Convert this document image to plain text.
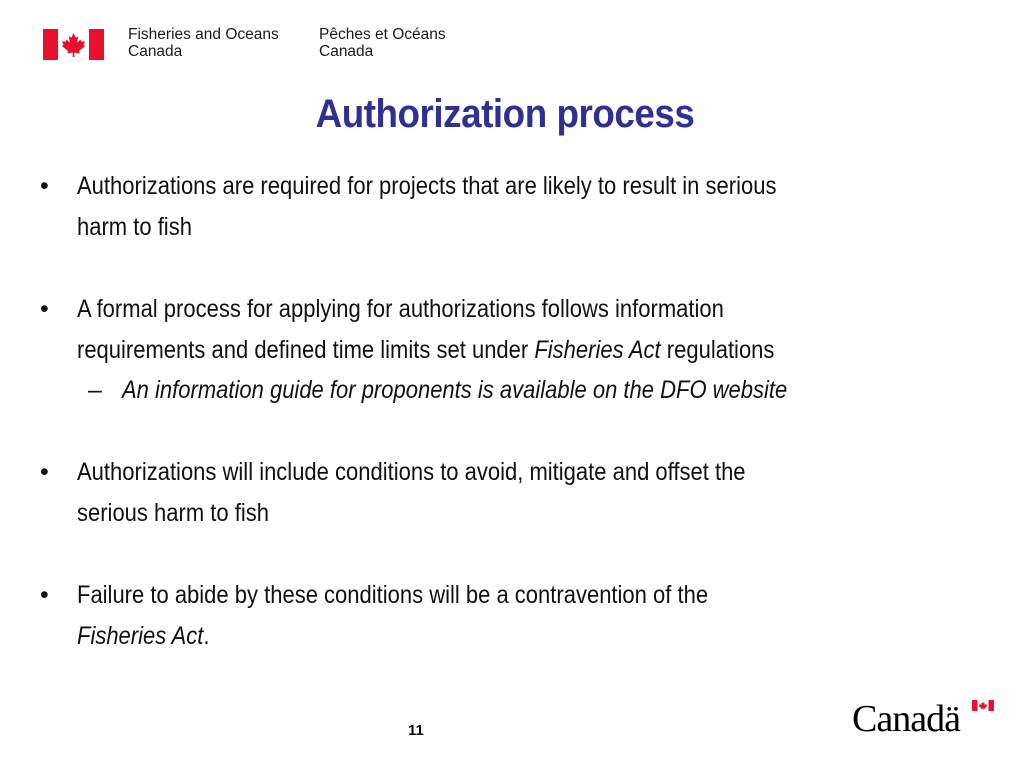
Fisheries and Oceans
Canada
Pêches et Océans
Canada
Authorization process
•	Authorizations are required for projects that are likely to result in serious
harm to fish
•	A formal process for applying for authorizations follows information
requirements and defined time limits set under Fisheries Act regulations
– An information guide for proponents is available on the DFO website
•	Authorizations will include conditions to avoid, mitigate and offset the
serious harm to fish
•	Failure to abide by these conditions will be a contravention of the
Fisheries Act.
11	Canadä
